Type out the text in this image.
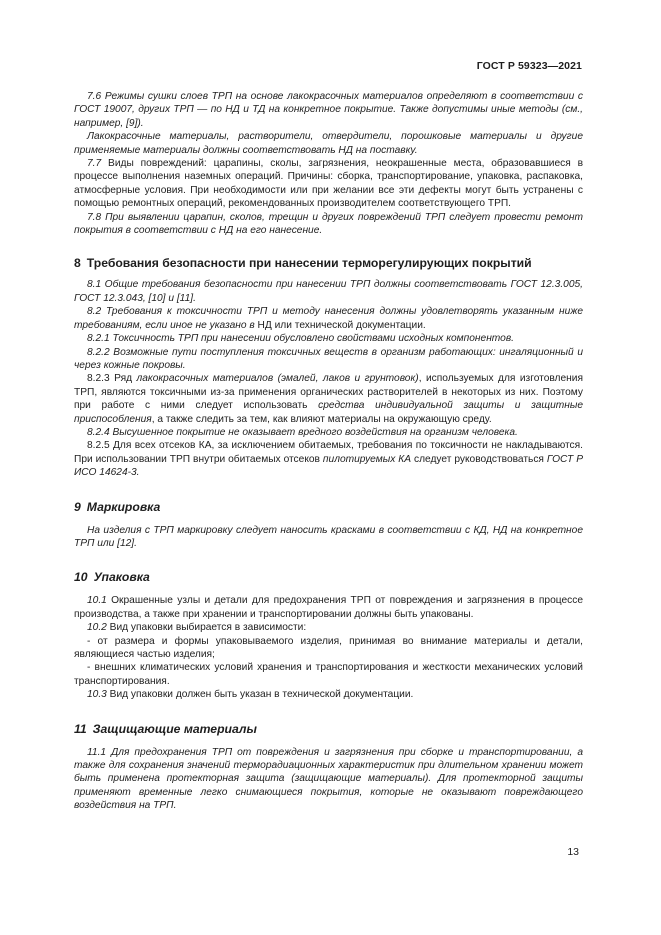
ГОСТ Р 59323—2021

7.6 Режимы сушки слоев ТРП на основе лакокрасочных материалов определяют в соответствии с ГОСТ 19007, других ТРП — по НД и ТД на конкретное покрытие. Также допустимы иные методы (см., например, [9]).

Лакокрасочные материалы, растворители, отвердители, порошковые материалы и другие применяемые материалы должны соответствовать НД на поставку.

7.7 Виды повреждений: царапины, сколы, загрязнения, неокрашенные места, образовавшиеся в процессе выполнения наземных операций. Причины: сборка, транспортирование, упаковка, распаковка, атмосферные условия. При необходимости или при желании все эти дефекты могут быть устранены с помощью ремонтных операций, рекомендованных производителем соответствующего ТРП.

7.8 При выявлении царапин, сколов, трещин и других повреждений ТРП следует провести ремонт покрытия в соответствии с НД на его нанесение.

8 Требования безопасности при нанесении терморегулирующих покрытий

8.1 Общие требования безопасности при нанесении ТРП должны соответствовать ГОСТ 12.3.005, ГОСТ 12.3.043, [10] и [11].

8.2 Требования к токсичности ТРП и методу нанесения должны удовлетворять указанным ниже требованиям, если иное не указано в НД или технической документации.

8.2.1 Токсичность ТРП при нанесении обусловлено свойствами исходных компонентов.

8.2.2 Возможные пути поступления токсичных веществ в организм работающих: ингаляционный и через кожные покровы.

8.2.3 Ряд лакокрасочных материалов (эмалей, лаков и грунтовок), используемых для изготовления ТРП, являются токсичными из-за применения органических растворителей в некоторых из них. Поэтому при работе с ними следует использовать средства индивидуальной защиты и защитные приспособления, а также следить за тем, как влияют материалы на окружающую среду.

8.2.4 Высушенное покрытие не оказывает вредного воздействия на организм человека.

8.2.5 Для всех отсеков КА, за исключением обитаемых, требования по токсичности не накладываются. При использовании ТРП внутри обитаемых отсеков пилотируемых КА следует руководствоваться ГОСТ Р ИСО 14624-3.

9 Маркировка

На изделия с ТРП маркировку следует наносить красками в соответствии с КД, НД на конкретное ТРП или [12].

10 Упаковка

10.1 Окрашенные узлы и детали для предохранения ТРП от повреждения и загрязнения в процессе производства, а также при хранении и транспортировании должны быть упакованы.

10.2 Вид упаковки выбирается в зависимости:

- от размера и формы упаковываемого изделия, принимая во внимание материалы и детали, являющиеся частью изделия;

- внешних климатических условий хранения и транспортирования и жесткости механических условий транспортирования.

10.3 Вид упаковки должен быть указан в технической документации.

11 Защищающие материалы

11.1 Для предохранения ТРП от повреждения и загрязнения при сборке и транспортировании, а также для сохранения значений терморадиационных характеристик при длительном хранении может быть применена протекторная защита (защищающие материалы). Для протекторной защиты применяют временные легко снимающиеся покрытия, которые не оказывают повреждающего воздействия на ТРП.

13
